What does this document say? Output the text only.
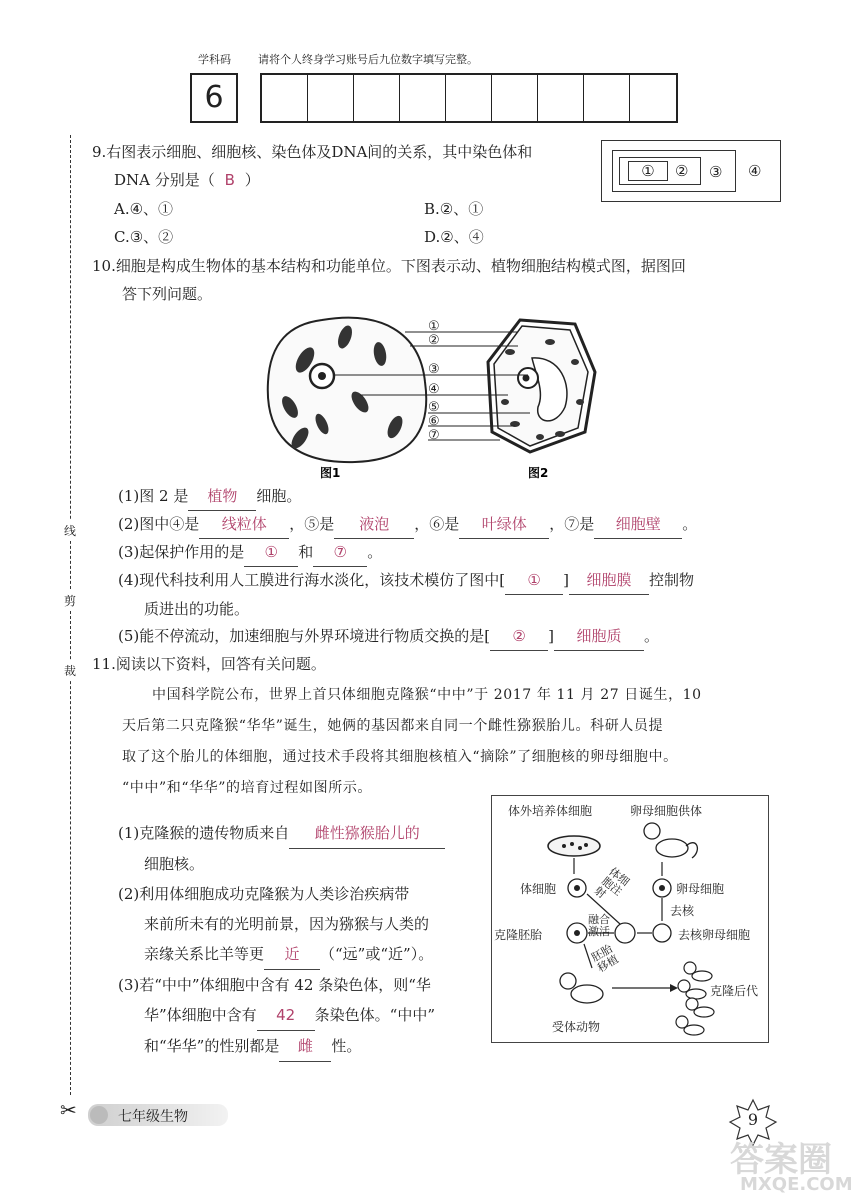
学科码 请将个人终身学习账号后九位数字填写完整。
6
线
剪
裁
✂
9.右图表示细胞、细胞核、染色体及DNA间的关系，其中染色体和
DNA 分别是（ B ）
A.④、①	B.②、①
C.③、②	D.②、④
①	② ③ ④
10.细胞是构成生物体的基本结构和功能单位。下图表示动、植物细胞结构模式图，据图回
答下列问题。
图1	图2
①
②
③
④
⑤
⑥
⑦
(1)图 2 是 植物 细胞。
(2)图中④是 线粒体 ，⑤是 液泡 ，⑥是 叶绿体 ，⑦是 细胞壁 。
(3)起保护作用的是 ① 和 ⑦ 。
(4)现代科技利用人工膜进行海水淡化，该技术模仿了图中[ ① ] 细胞膜 控制物
质进出的功能。
(5)能不停流动，加速细胞与外界环境进行物质交换的是[ ② ] 细胞质 。
11.阅读以下资料，回答有关问题。
中国科学院公布，世界上首只体细胞克隆猴“中中”于 2017 年 11 月 27 日诞生，10
天后第二只克隆猴“华华”诞生，她俩的基因都来自同一个雌性猕猴胎儿。科研人员提
取了这个胎儿的体细胞，通过技术手段将其细胞核植入“摘除”了细胞核的卵母细胞中。
“中中”和“华华”的培育过程如图所示。
(1)克隆猴的遗传物质来自 雌性猕猴胎儿的
细胞核。
(2)利用体细胞成功克隆猴为人类诊治疾病带
来前所未有的光明前景，因为猕猴与人类的
亲缘关系比羊等更 近 （“远”或“近”）。
(3)若“中中”体细胞中含有 42 条染色体，则“华
华”体细胞中含有 42 条染色体。“中中”
和“华华”的性别都是 雌 性。
体外培养体细胞	卵母细胞供体
体细胞
体细胞注射	卵母细胞
去核
去核卵母细胞
融合激活
克隆胚胎
胚胎移植
受体动物
克隆后代
七年级生物	9
答案圈
MXQE.COM
